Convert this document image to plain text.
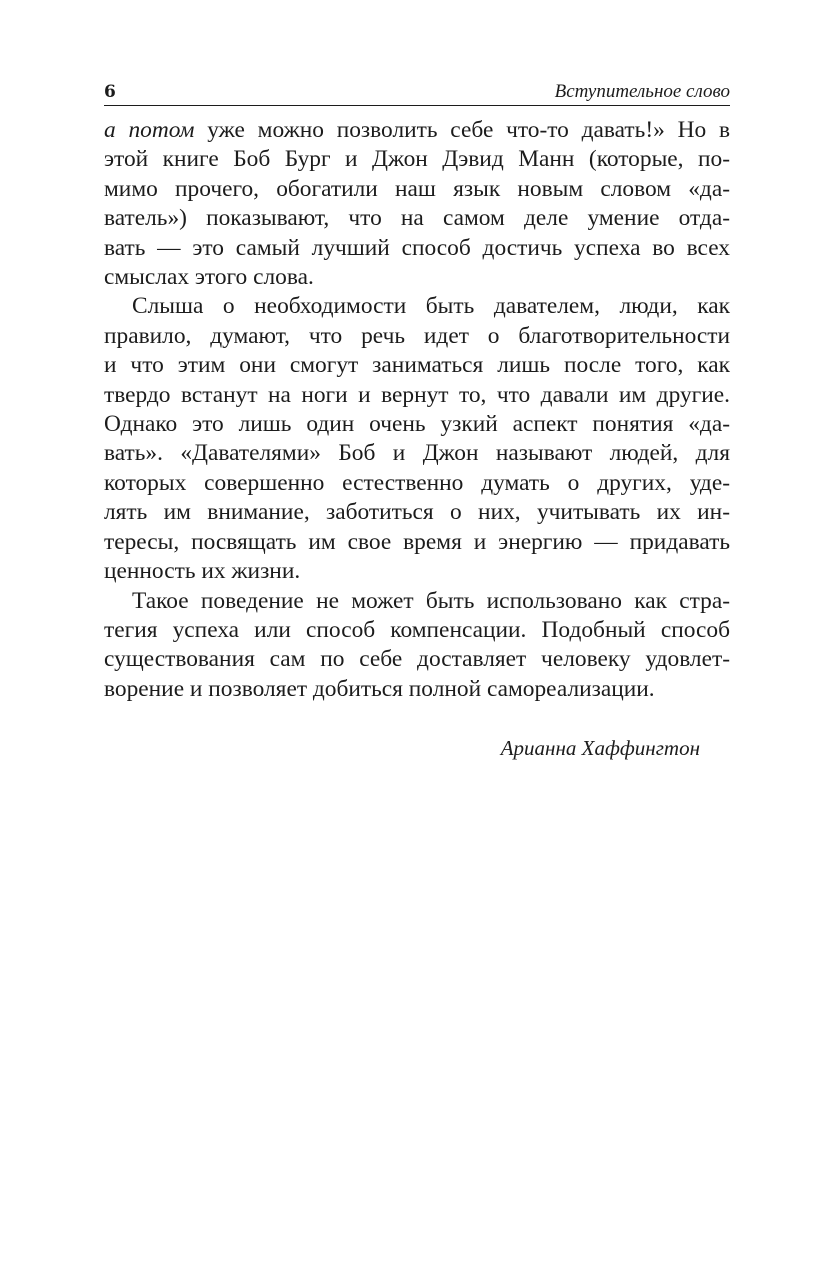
6	Вступительное слово

а потом уже можно позволить себе что-то давать!» Но в
этой книге Боб Бург и Джон Дэвид Манн (которые, по-
мимо прочего, обогатили наш язык новым словом «да-
ватель») показывают, что на самом деле умение отда-
вать — это самый лучший способ достичь успеха во всех
смыслах этого слова.

Слыша о необходимости быть давателем, люди, как
правило, думают, что речь идет о благотворительности
и что этим они смогут заниматься лишь после того, как
твердо встанут на ноги и вернут то, что давали им другие.
Однако это лишь один очень узкий аспект понятия «да-
вать». «Давателями» Боб и Джон называют людей, для
которых совершенно естественно думать о других, уде-
лять им внимание, заботиться о них, учитывать их ин-
тересы, посвящать им свое время и энергию — придавать
ценность их жизни.

Такое поведение не может быть использовано как стра-
тегия успеха или способ компенсации. Подобный способ
существования сам по себе доставляет человеку удовлет-
ворение и позволяет добиться полной самореализации.

Арианна Хаффингтон
